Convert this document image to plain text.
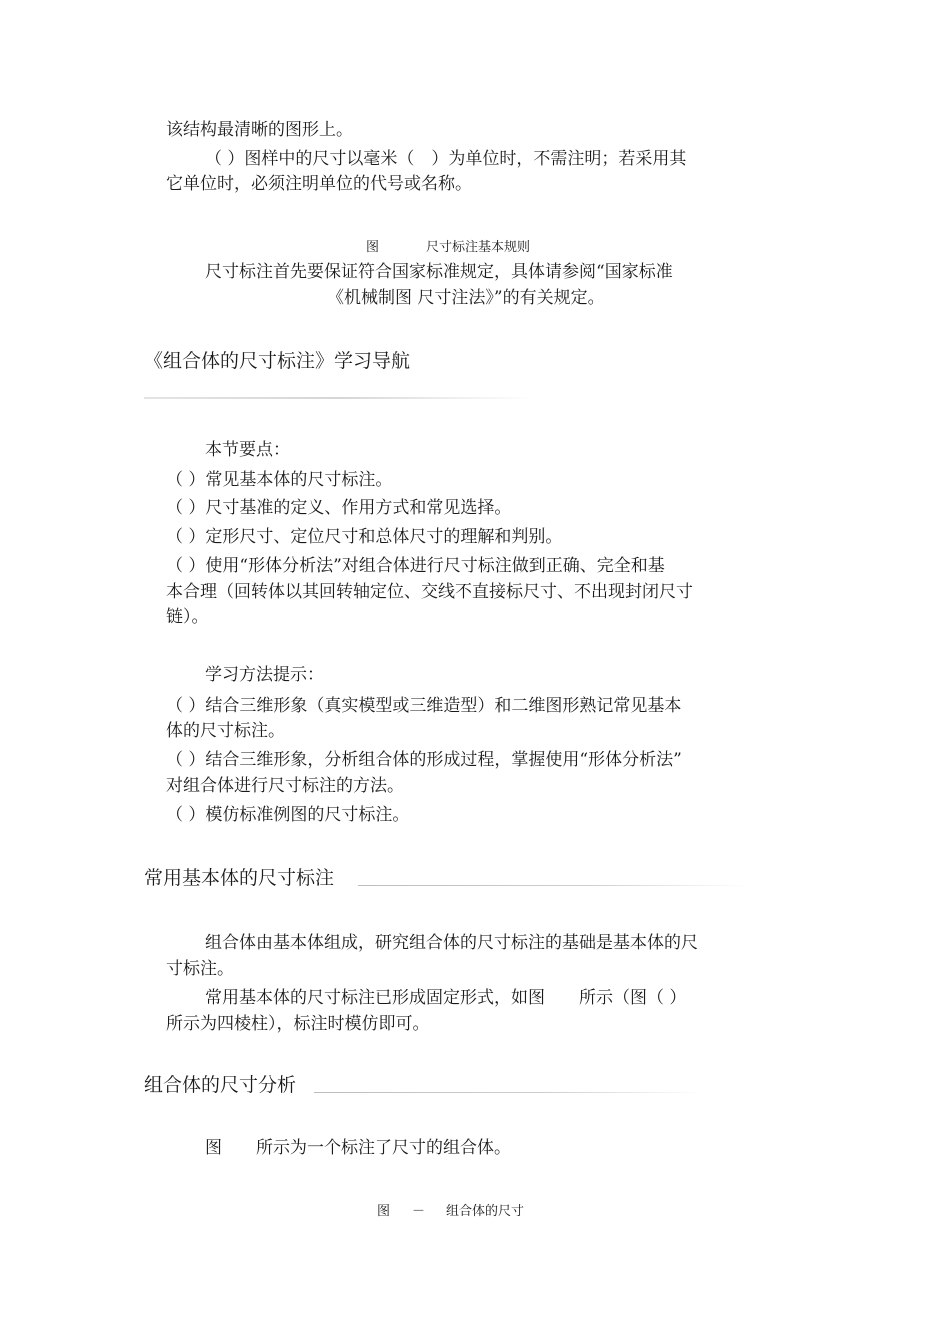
该结构最清晰的图形上。
（ ）图样中的尺寸以毫米（　）为单位时，不需注明；若采用其
它单位时，必须注明单位的代号或名称。
图	尺寸标注基本规则
尺寸标注首先要保证符合国家标准规定，具体请参阅“国家标准
《机械制图 尺寸注法》”的有关规定。
《组合体的尺寸标注》学习导航
本节要点：
（ ）常见基本体的尺寸标注。
（ ）尺寸基准的定义、作用方式和常见选择。
（ ）定形尺寸、定位尺寸和总体尺寸的理解和判别。
（ ）使用“形体分析法”对组合体进行尺寸标注做到正确、完全和基
本合理（回转体以其回转轴定位、交线不直接标尺寸、不出现封闭尺寸
链）。
学习方法提示：
（ ）结合三维形象（真实模型或三维造型）和二维图形熟记常见基本
体的尺寸标注。
（ ）结合三维形象，分析组合体的形成过程，掌握使用“形体分析法”
对组合体进行尺寸标注的方法。
（ ）模仿标准例图的尺寸标注。
常用基本体的尺寸标注
组合体由基本体组成，研究组合体的尺寸标注的基础是基本体的尺
寸标注。
常用基本体的尺寸标注已形成固定形式，如图　　所示（图（ ）
所示为四棱柱），标注时模仿即可。
组合体的尺寸分析
图　　所示为一个标注了尺寸的组合体。
图 － 组合体的尺寸
